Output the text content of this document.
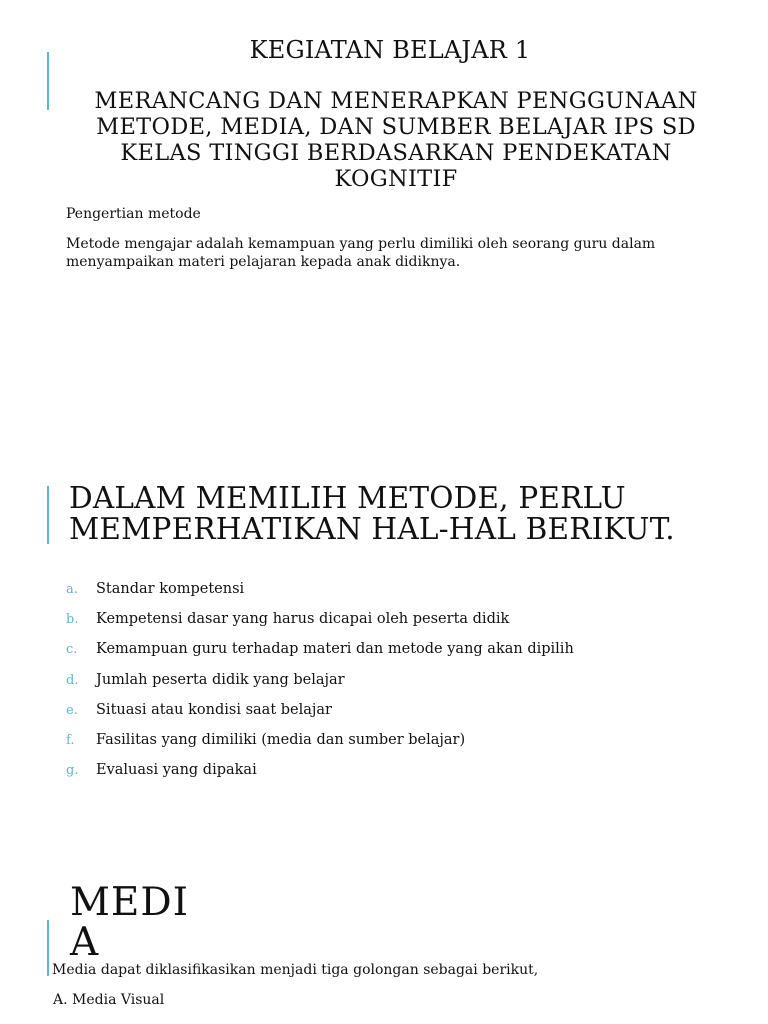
KEGIATAN BELAJAR 1
MERANCANG DAN MENERAPKAN PENGGUNAAN METODE, MEDIA, DAN SUMBER BELAJAR IPS SD KELAS TINGGI BERDASARKAN PENDEKATAN KOGNITIF
Pengertian metode
Metode mengajar adalah kemampuan yang perlu dimiliki oleh seorang guru dalam menyampaikan materi pelajaran kepada anak didiknya.
DALAM MEMILIH METODE, PERLU MEMPERHATIKAN HAL-HAL BERIKUT.
a. Standar kompetensi
b. Kempetensi dasar yang harus dicapai oleh peserta didik
c. Kemampuan guru terhadap materi dan metode yang akan dipilih
d. Jumlah peserta didik yang belajar
e. Situasi atau kondisi saat belajar
f. Fasilitas yang dimiliki (media dan sumber belajar)
g. Evaluasi yang dipakai
MEDIA
Media dapat diklasifikasikan menjadi tiga golongan sebagai berikut,
A. Media Visual
